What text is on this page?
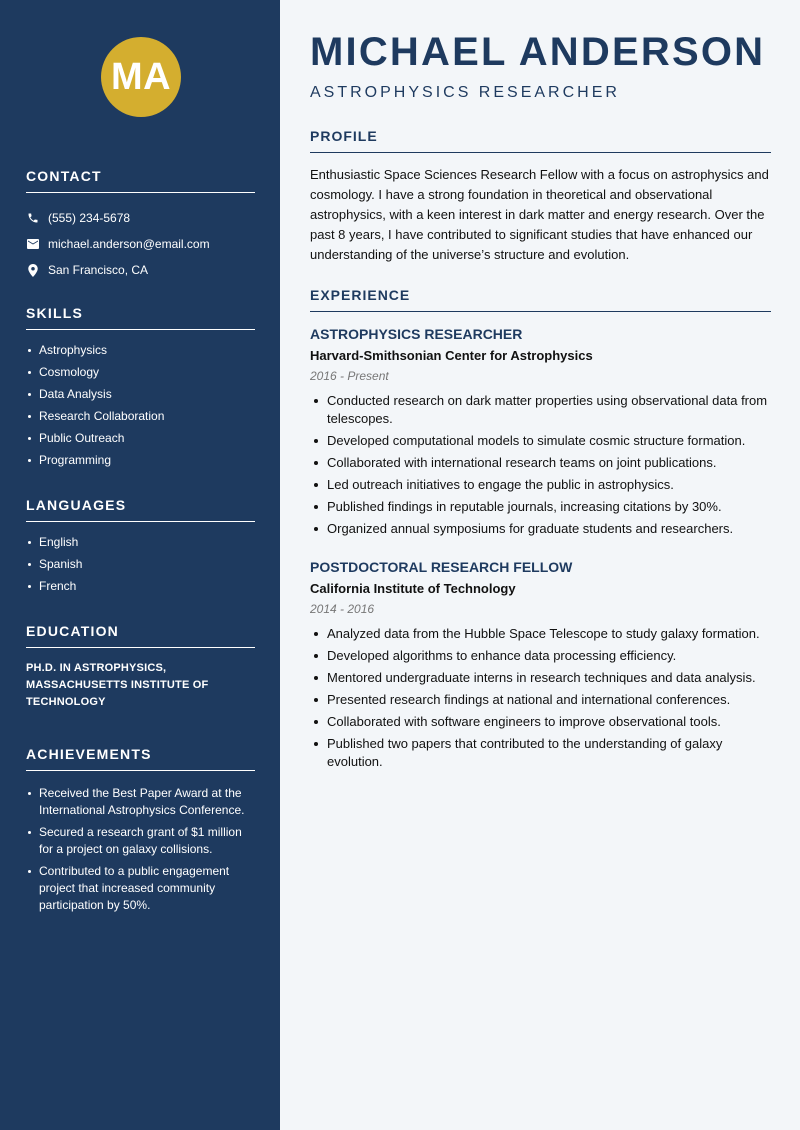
MA
CONTACT
(555) 234-5678
michael.anderson@email.com
San Francisco, CA
SKILLS
Astrophysics
Cosmology
Data Analysis
Research Collaboration
Public Outreach
Programming
LANGUAGES
English
Spanish
French
EDUCATION
PH.D. IN ASTROPHYSICS, MASSACHUSETTS INSTITUTE OF TECHNOLOGY
ACHIEVEMENTS
Received the Best Paper Award at the International Astrophysics Conference.
Secured a research grant of $1 million for a project on galaxy collisions.
Contributed to a public engagement project that increased community participation by 50%.
MICHAEL ANDERSON
ASTROPHYSICS RESEARCHER
PROFILE

Enthusiastic Space Sciences Research Fellow with a focus on astrophysics and cosmology. I have a strong foundation in theoretical and observational astrophysics, with a keen interest in dark matter and energy research. Over the past 8 years, I have contributed to significant studies that have enhanced our understanding of the universe’s structure and evolution.

EXPERIENCE
ASTROPHYSICS RESEARCHER
Harvard-Smithsonian Center for Astrophysics
2016 - Present
Conducted research on dark matter properties using observational data from telescopes.
Developed computational models to simulate cosmic structure formation.
Collaborated with international research teams on joint publications.
Led outreach initiatives to engage the public in astrophysics.
Published findings in reputable journals, increasing citations by 30%.
Organized annual symposiums for graduate students and researchers.
POSTDOCTORAL RESEARCH FELLOW
California Institute of Technology
2014 - 2016
Analyzed data from the Hubble Space Telescope to study galaxy formation.
Developed algorithms to enhance data processing efficiency.
Mentored undergraduate interns in research techniques and data analysis.
Presented research findings at national and international conferences.
Collaborated with software engineers to improve observational tools.
Published two papers that contributed to the understanding of galaxy evolution.
